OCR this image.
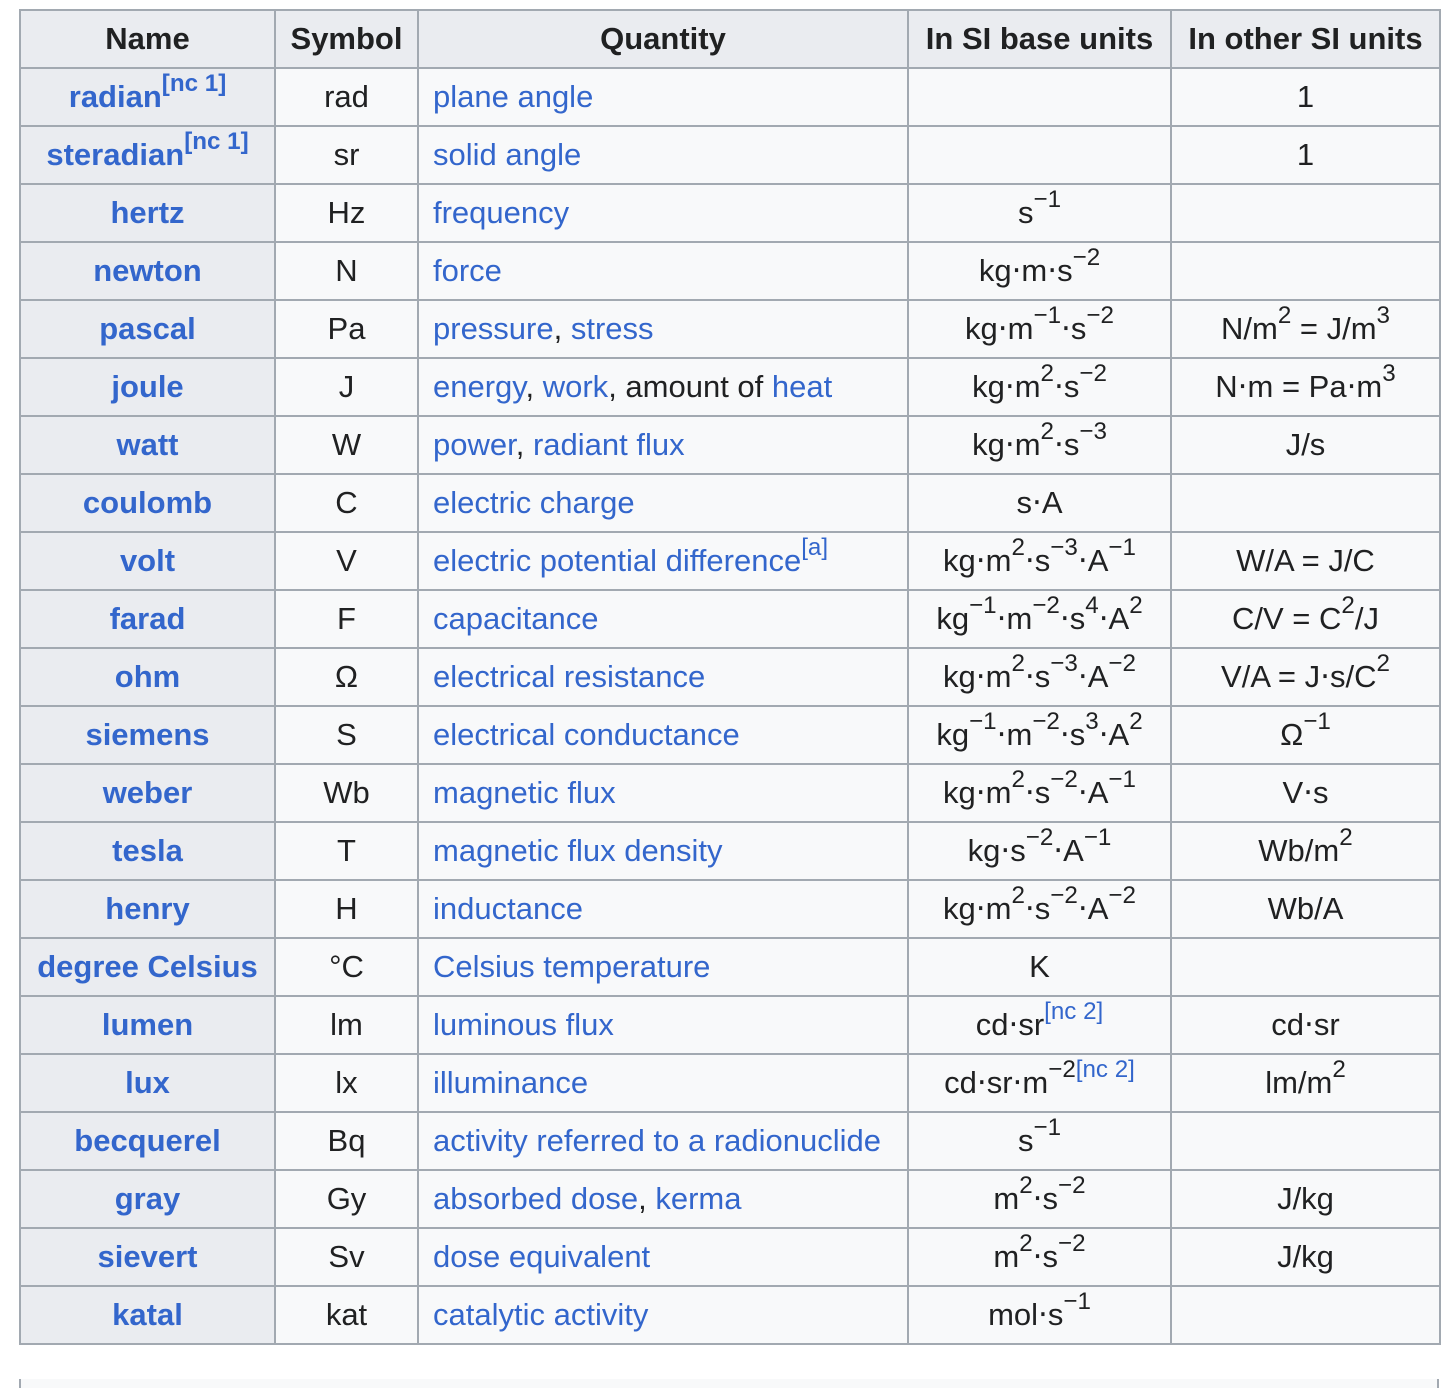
Name	Symbol	Quantity	In SI base units	In other SI units
radian[nc 1]	rad	plane angle		1
steradian[nc 1]	sr	solid angle		1
hertz	Hz	frequency	$s^{-1}$	
newton	N	force	$kg\cdot m\cdot s^{-2}$	
pascal	Pa	pressure, stress	$kg\cdot m^{-1}\cdot s^{-2}$	$N/m^2 = J/m^3$
joule	J	energy, work, amount of heat	$kg\cdot m^2\cdot s^{-2}$	$N\cdot m = Pa\cdot m^3$
watt	W	power, radiant flux	$kg\cdot m^2\cdot s^{-3}$	J/s
coulomb	C	electric charge	s⋅A	
volt	V	electric potential difference[a]	$kg\cdot m^2\cdot s^{-3}\cdot A^{-1}$	W/A = J/C
farad	F	capacitance	$kg^{-1}\cdot m^{-2}\cdot s^4\cdot A^2$	$C/V = C^2/J$
ohm	Ω	electrical resistance	$kg\cdot m^2\cdot s^{-3}\cdot A^{-2}$	$V/A = J\cdot s/C^2$
siemens	S	electrical conductance	$kg^{-1}\cdot m^{-2}\cdot s^3\cdot A^2$	$\Omega^{-1}$
weber	Wb	magnetic flux	$kg\cdot m^2\cdot s^{-2}\cdot A^{-1}$	V⋅s
tesla	T	magnetic flux density	$kg\cdot s^{-2}\cdot A^{-1}$	$Wb/m^2$
henry	H	inductance	$kg\cdot m^2\cdot s^{-2}\cdot A^{-2}$	Wb/A
degree Celsius	°C	Celsius temperature	K	
lumen	lm	luminous flux	cd⋅sr[nc 2]	cd⋅sr
lux	lx	illuminance	cd⋅sr⋅m$^{-2[nc 2]}$	$lm/m^2$
becquerel	Bq	activity referred to a radionuclide	$s^{-1}$	
gray	Gy	absorbed dose, kerma	$m^2\cdot s^{-2}$	J/kg
sievert	Sv	dose equivalent	$m^2\cdot s^{-2}$	J/kg
katal	kat	catalytic activity	$mol\cdot s^{-1}$	
